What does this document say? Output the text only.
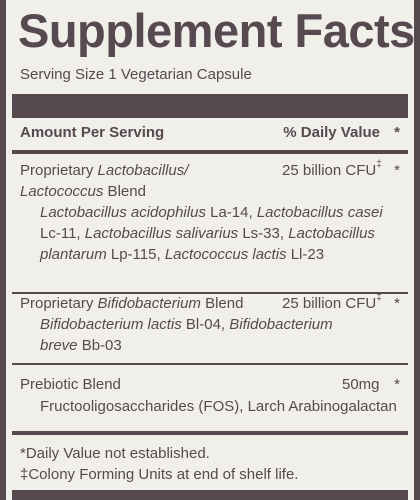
Supplement Facts
Serving Size 1 Vegetarian Capsule
Amount Per Serving	% Daily Value *
Proprietary Lactobacillus/
Lactococcus Blend
25 billion CFU‡ *
Lactobacillus acidophilus La-14, Lactobacillus casei
Lc-11, Lactobacillus salivarius Ls-33, Lactobacillus
plantarum Lp-115, Lactococcus lactis Ll-23
Proprietary Bifidobacterium Blend	25 billion CFU‡ *
Bifidobacterium lactis Bl-04, Bifidobacterium
breve Bb-03
Prebiotic Blend	50mg *
Fructooligosaccharides (FOS), Larch Arabinogalactan
*Daily Value not established.
‡Colony Forming Units at end of shelf life.
